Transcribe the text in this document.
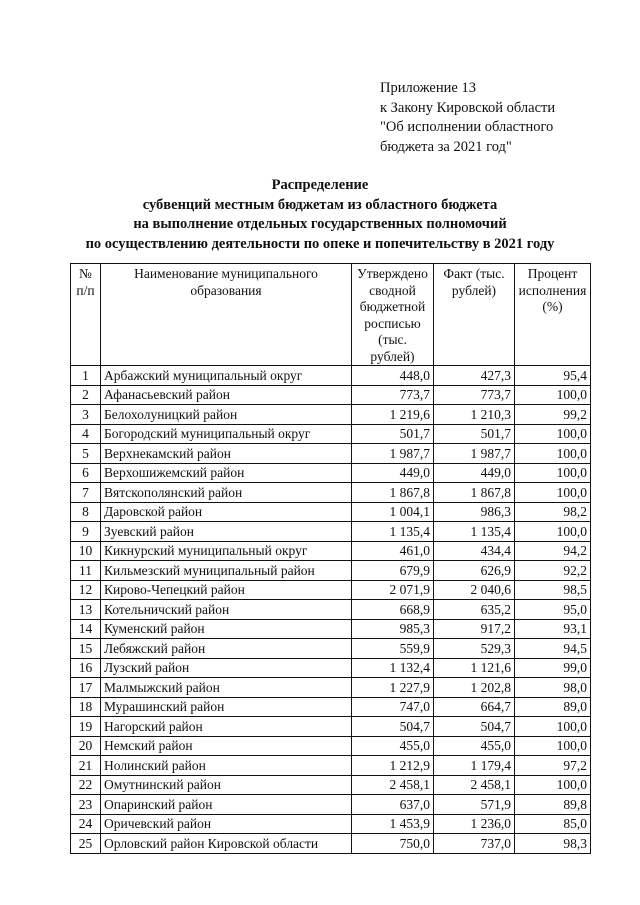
Приложение 13
к Закону Кировской области
"Об исполнении областного
бюджета за 2021 год"
Распределение
субвенций местным бюджетам из областного бюджета
на выполнение отдельных государственных полномочий
по осуществлению деятельности по опеке и попечительству в 2021 году
№ п/п	Наименование муниципального образования	Утверждено сводной бюджетной росписью (тыс. рублей)	Факт (тыс. рублей)	Процент исполнения (%)
1	Арбажский муниципальный округ	448,0	427,3	95,4
2	Афанасьевский район	773,7	773,7	100,0
3	Белохолуницкий район	1 219,6	1 210,3	99,2
4	Богородский муниципальный округ	501,7	501,7	100,0
5	Верхнекамский район	1 987,7	1 987,7	100,0
6	Верхошижемский район	449,0	449,0	100,0
7	Вятскополянский район	1 867,8	1 867,8	100,0
8	Даровской район	1 004,1	986,3	98,2
9	Зуевский район	1 135,4	1 135,4	100,0
10	Кикнурский муниципальный округ	461,0	434,4	94,2
11	Кильмезский муниципальный район	679,9	626,9	92,2
12	Кирово-Чепецкий район	2 071,9	2 040,6	98,5
13	Котельничский район	668,9	635,2	95,0
14	Куменский район	985,3	917,2	93,1
15	Лебяжский район	559,9	529,3	94,5
16	Лузский район	1 132,4	1 121,6	99,0
17	Малмыжский район	1 227,9	1 202,8	98,0
18	Мурашинский район	747,0	664,7	89,0
19	Нагорский район	504,7	504,7	100,0
20	Немский район	455,0	455,0	100,0
21	Нолинский район	1 212,9	1 179,4	97,2
22	Омутнинский район	2 458,1	2 458,1	100,0
23	Опаринский район	637,0	571,9	89,8
24	Оричевский район	1 453,9	1 236,0	85,0
25	Орловский район Кировской области	750,0	737,0	98,3
